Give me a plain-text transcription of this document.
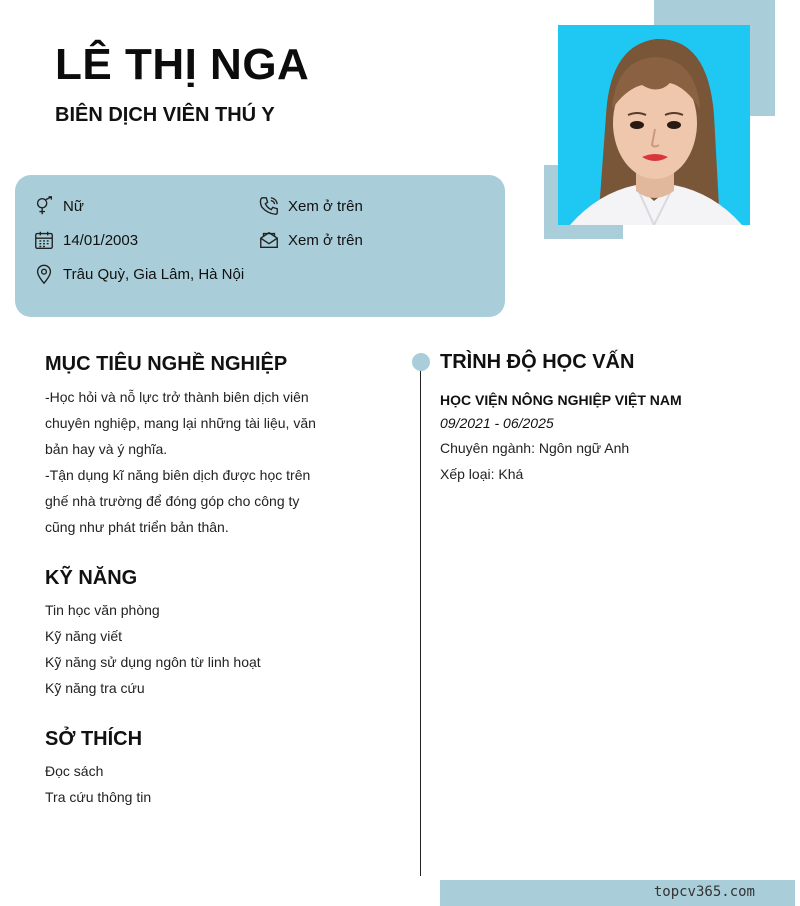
LÊ THỊ NGA
BIÊN DỊCH VIÊN THÚ Y
Nữ
14/01/2003
Trâu Quỳ, Gia Lâm, Hà Nội
Xem ở trên
Xem ở trên
MỤC TIÊU NGHỀ NGHIỆP
-Học hỏi và nỗ lực trở thành biên dịch viên
chuyên nghiệp, mang lại những tài liệu, văn
bản hay và ý nghĩa.
-Tận dụng kĩ năng biên dịch được học trên
ghế nhà trường để đóng góp cho công ty
cũng như phát triển bản thân.
KỸ NĂNG
Tin học văn phòng
Kỹ năng viết
Kỹ năng sử dụng ngôn từ linh hoạt
Kỹ năng tra cứu
SỞ THÍCH
Đọc sách
Tra cứu thông tin
TRÌNH ĐỘ HỌC VẤN
HỌC VIỆN NÔNG NGHIỆP VIỆT NAM
09/2021 - 06/2025
Chuyên ngành: Ngôn ngữ Anh
Xếp loại: Khá
topcv365.com
